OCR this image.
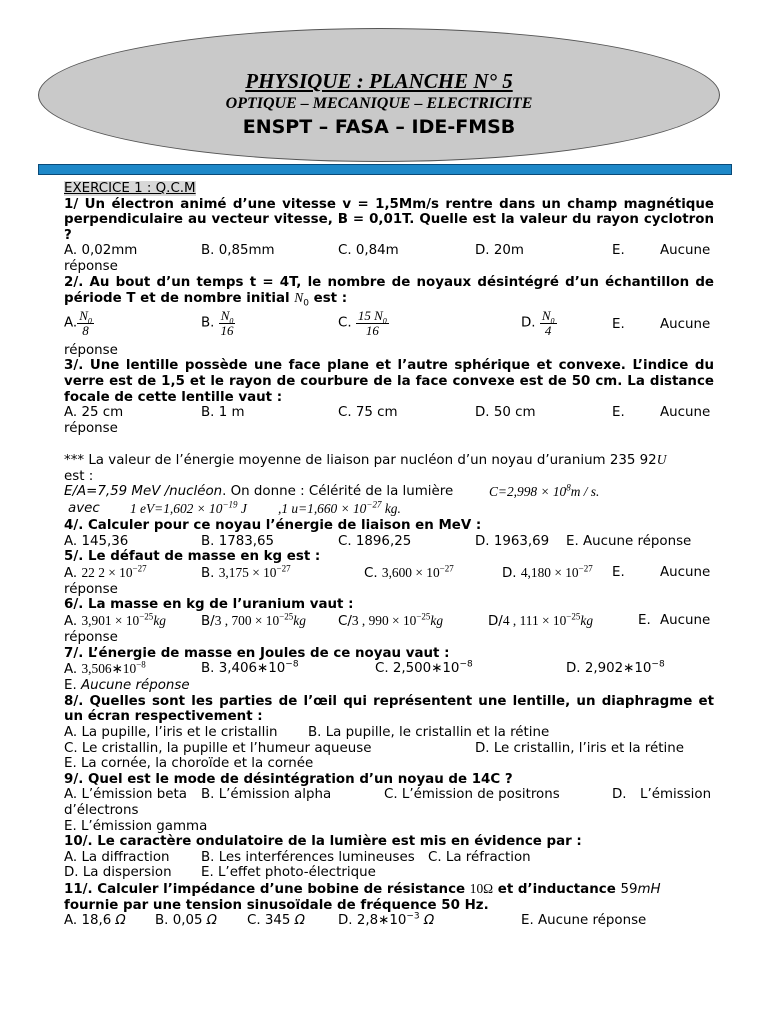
PHYSIQUE : PLANCHE N° 5
OPTIQUE – MECANIQUE – ELECTRICITE
ENSPT – FASA – IDE-FMSB
EXERCICE 1 : Q.C.M
1/ Un électron animé d’une vitesse v = 1,5Mm/s rentre dans un champ magnétique perpendiculaire au vecteur vitesse, B = 0,01T. Quelle est la valeur du rayon cyclotron ?
A. 0,02mm	B. 0,85mm	C. 0,84m	D. 20m	E.	Aucune
réponse
2/. Au bout d’un temps t = 4T, le nombre de noyaux désintégré d’un échantillon de période T et de nombre initial $N_0$ est :
A. $\frac{N_0}{8}$	B. $\frac{N_0}{16}$	C. $\frac{15 N_0}{16}$	D. $\frac{N_0}{4}$	E.	Aucune
réponse
3/. Une lentille possède une face plane et l’autre sphérique et convexe. L’indice du verre est de 1,5 et le rayon de courbure de la face convexe est de 50 cm. La distance focale de cette lentille vaut :
A. 25 cm	B. 1 m	C. 75 cm	D. 50 cm	E.	Aucune
réponse
*** La valeur de l’énergie moyenne de liaison par nucléon d’un noyau d’uranium 235 92U
est :
E/A=7,59 MeV /nucléon. On donne : Célérité de la lumière	$C=2,998 \times 10^8m / s$.
avec 1 $eV=1,602 \times 10^{-19}$ J ,1 $u=1,660 \times 10^{-27}$ kg.
4/. Calculer pour ce noyau l’énergie de liaison en MeV :
A. 145,36	B. 1783,65	C. 1896,25	D. 1963,69 E. Aucune réponse
5/. Le défaut de masse en kg est :
A. 22 $2 \times 10^{-27}$	B. $3,175 \times 10^{-27}$	C. $3,600 \times 10^{-27}$	D. $4,180 \times 10^{-27}$ E.	Aucune
réponse
6/. La masse en kg de l’uranium vaut :
A. $3,901 \times 10^{-25}kg$	B/3 , $700 \times 10^{-25}kg$ C/3 , $990 \times 10^{-25}kg$	D/4 , $111 \times 10^{-25}kg$	E. Aucune
réponse
7/. L’énergie de masse en Joules de ce noyau vaut :
A. $3,506∗10^{-8}$	B. $3,406∗10^{-8}$	C. $2,500∗10^{-8}$	D. $2,902∗10^{-8}$
E. Aucune réponse
8/. Quelles sont les parties de l’œil qui représentent une lentille, un diaphragme et un écran respectivement :
A. La pupille, l’iris et le cristallin B. La pupille, le cristallin et la rétine
C. Le cristallin, la pupille et l’humeur aqueuse	D. Le cristallin, l’iris et la rétine
E. La cornée, la choroïde et la cornée
9/. Quel est le mode de désintégration d’un noyau de 14C ?
A. L’émission beta B. L’émission alpha	C. L’émission de positrons	D. L’émission
d’électrons
E. L’émission gamma
10/. Le caractère ondulatoire de la lumière est mis en évidence par :
A. La diffraction B. Les interférences lumineuses C. La réfraction
D. La dispersion E. L’effet photo-électrique
11/. Calculer l’impédance d’une bobine de résistance 10Ω et d’inductance 59mH
fournie par une tension sinusoïdale de fréquence 50 Hz.
A. 18,6 Ω B. 0,05 Ω C. 345 Ω D. $2,8∗10^{-3}$ Ω	E. Aucune réponse
